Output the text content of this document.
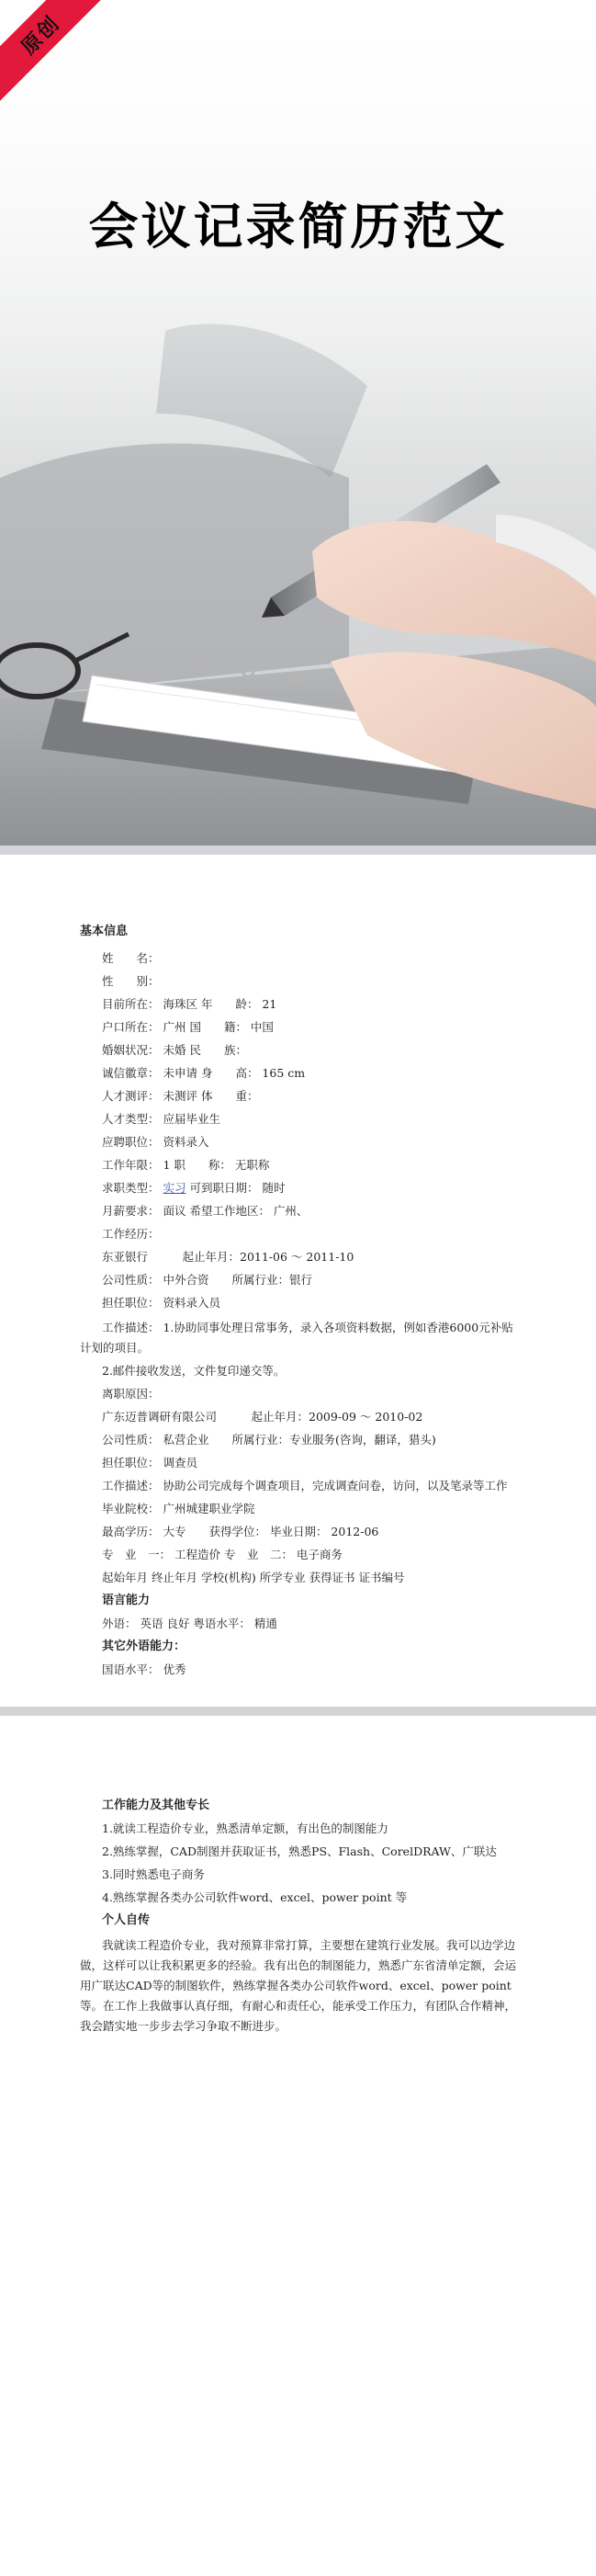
原创
会议记录简历范文
基本信息
姓　　名：
性　　别：
目前所在： 海珠区 年　　龄： 21
户口所在： 广州 国　　籍： 中国
婚姻状况： 未婚 民　　族：
诚信徽章： 未申请 身　　高： 165 cm
人才测评： 未测评 体　　重：
人才类型： 应届毕业生
应聘职位： 资料录入
工作年限： 1 职　　称： 无职称
求职类型： 实习 可到职日期： 随时
月薪要求： 面议 希望工作地区： 广州、
工作经历：
东亚银行　　　起止年月：2011-06 ～ 2011-10
公司性质： 中外合资　　所属行业：银行
担任职位： 资料录入员
工作描述： 1.协助同事处理日常事务，录入各项资料数据，例如香港6000元补贴计划的项目。
2.邮件接收发送，文件复印递交等。
离职原因：
广东迈普调研有限公司　　　起止年月：2009-09 ～ 2010-02
公司性质： 私营企业　　所属行业：专业服务(咨询，翻译，猎头)
担任职位： 调查员
工作描述： 协助公司完成每个调查项目，完成调查问卷，访问，以及笔录等工作
毕业院校： 广州城建职业学院
最高学历： 大专　　获得学位： 毕业日期： 2012-06
专　业　一： 工程造价 专　业　二： 电子商务
起始年月 终止年月 学校(机构) 所学专业 获得证书 证书编号
语言能力
外语： 英语 良好 粤语水平： 精通
其它外语能力：
国语水平： 优秀
工作能力及其他专长
1.就读工程造价专业，熟悉清单定额，有出色的制图能力
2.熟练掌握，CAD制图并获取证书，熟悉PS、Flash、CorelDRAW、广联达
3.同时熟悉电子商务
4.熟练掌握各类办公司软件word、excel、power point 等
个人自传
我就读工程造价专业，我对预算非常打算，主要想在建筑行业发展。我可以边学边做，这样可以让我积累更多的经验。我有出色的制图能力，熟悉广东省清单定额，会运用广联达CAD等的制图软件，熟练掌握各类办公司软件word、excel、power point 等。在工作上我做事认真仔细，有耐心和责任心，能承受工作压力，有团队合作精神，我会踏实地一步步去学习争取不断进步。
